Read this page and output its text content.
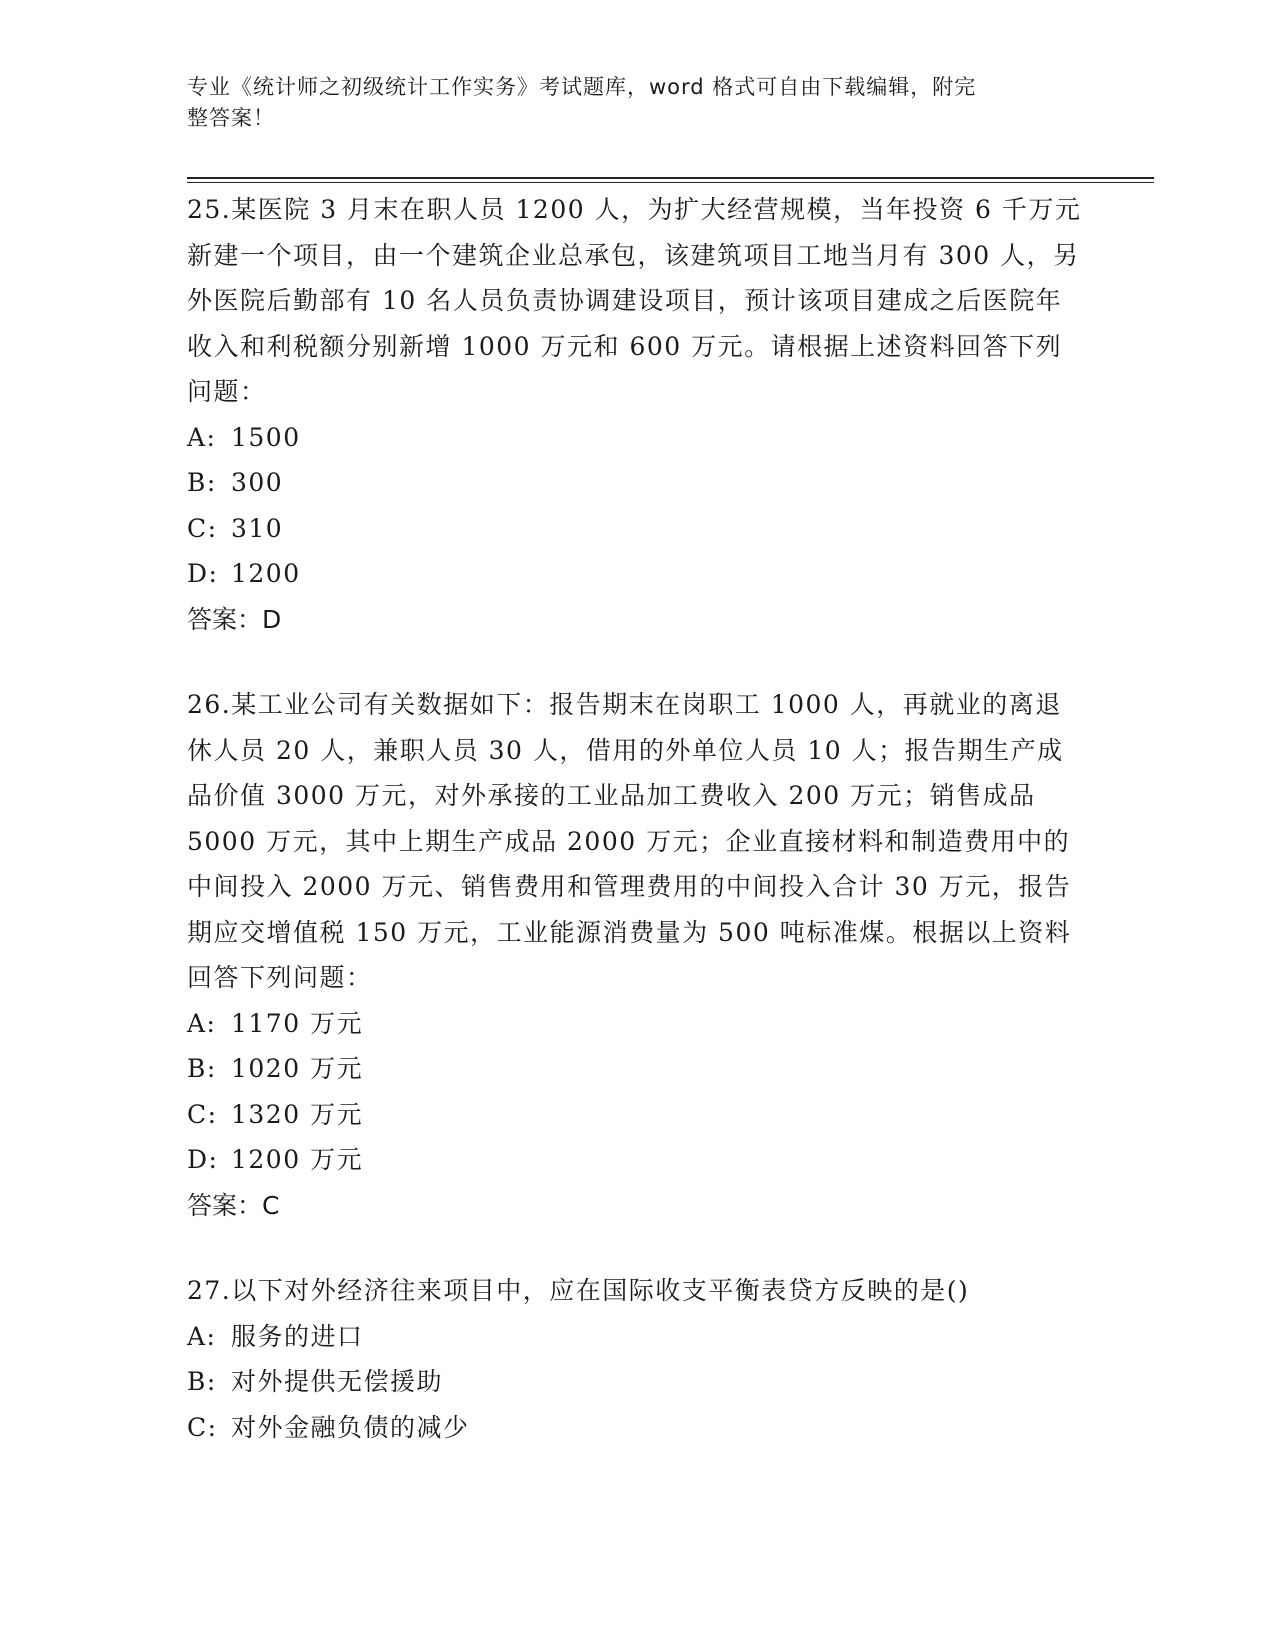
专业《统计师之初级统计工作实务》考试题库，word 格式可自由下载编辑，附完
整答案！

25.某医院 3 月末在职人员 1200 人，为扩大经营规模，当年投资 6 千万元新建一个项目，由一个建筑企业总承包，该建筑项目工地当月有 300 人，另外医院后勤部有 10 名人员负责协调建设项目，预计该项目建成之后医院年收入和利税额分别新增 1000 万元和 600 万元。请根据上述资料回答下列问题：

A: 1500

B: 300

C: 310

D: 1200

答案：D

26.某工业公司有关数据如下：报告期末在岗职工 1000 人，再就业的离退休人员 20 人，兼职人员 30 人，借用的外单位人员 10 人；报告期生产成品价值 3000 万元，对外承接的工业品加工费收入 200 万元；销售成品 5000 万元，其中上期生产成品 2000 万元；企业直接材料和制造费用中的中间投入 2000 万元、销售费用和管理费用的中间投入合计 30 万元，报告期应交增值税 150 万元，工业能源消费量为 500 吨标准煤。根据以上资料回答下列问题：

A: 1170 万元

B: 1020 万元

C: 1320 万元

D: 1200 万元

答案：C

27.以下对外经济往来项目中，应在国际收支平衡表贷方反映的是()

A: 服务的进口

B: 对外提供无偿援助

C: 对外金融负债的减少
